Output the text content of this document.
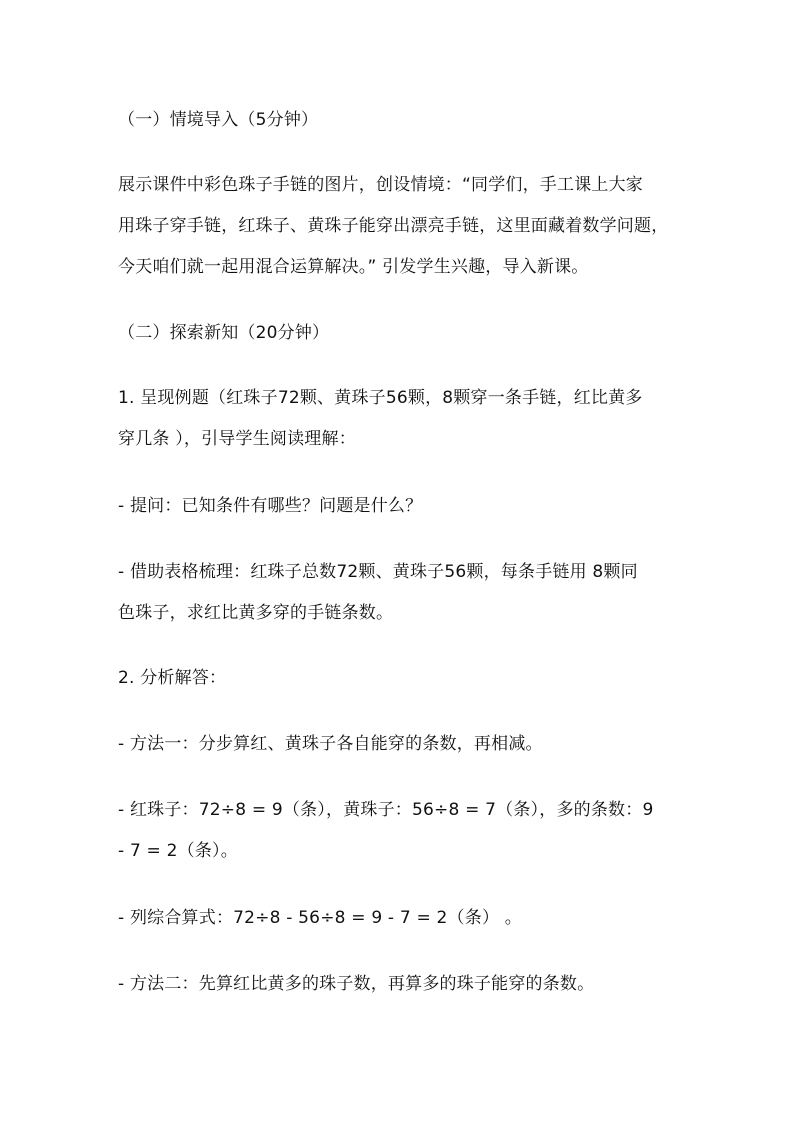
（一）情境导入（5分钟）
展示课件中彩色珠子手链的图片，创设情境：“同学们，手工课上大家
用珠子穿手链，红珠子、黄珠子能穿出漂亮手链，这里面藏着数学问题，
今天咱们就一起用混合运算解决。” 引发学生兴趣，导入新课。
（二）探索新知（20分钟）
1. 呈现例题（红珠子72颗、黄珠子56颗，8颗穿一条手链，红比黄多
穿几条 ），引导学生阅读理解：
- 提问：已知条件有哪些？问题是什么？
- 借助表格梳理：红珠子总数72颗、黄珠子56颗，每条手链用 8颗同
色珠子，求红比黄多穿的手链条数。
2. 分析解答：
- 方法一：分步算红、黄珠子各自能穿的条数，再相减。
- 红珠子：72÷8 = 9（条），黄珠子：56÷8 = 7（条），多的条数：9
- 7 = 2（条）。
- 列综合算式：72÷8 - 56÷8 = 9 - 7 = 2（条） 。
- 方法二：先算红比黄多的珠子数，再算多的珠子能穿的条数。
